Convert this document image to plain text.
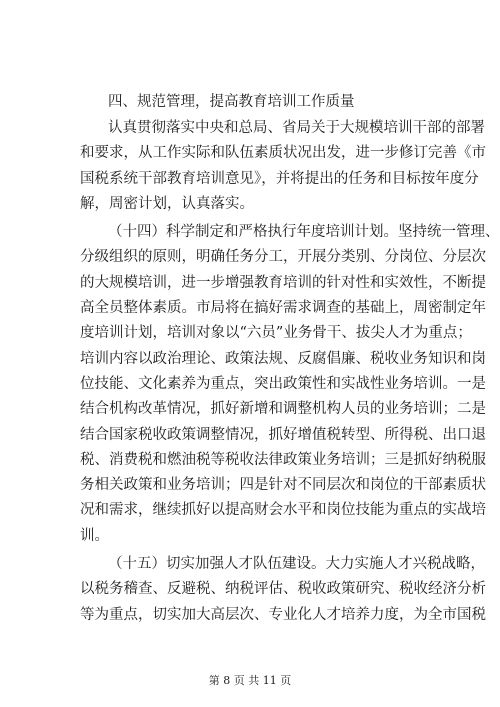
四、规范管理，提高教育培训工作质量
认真贯彻落实中央和总局、省局关于大规模培训干部的部署
和要求，从工作实际和队伍素质状况出发，进一步修订完善《市
国税系统干部教育培训意见》，并将提出的任务和目标按年度分
解，周密计划，认真落实。
（十四）科学制定和严格执行年度培训计划。坚持统一管理、
分级组织的原则，明确任务分工，开展分类别、分岗位、分层次
的大规模培训，进一步增强教育培训的针对性和实效性，不断提
高全员整体素质。市局将在搞好需求调查的基础上，周密制定年
度培训计划，培训对象以“六员”业务骨干、拔尖人才为重点；
培训内容以政治理论、政策法规、反腐倡廉、税收业务知识和岗
位技能、文化素养为重点，突出政策性和实战性业务培训。一是
结合机构改革情况，抓好新增和调整机构人员的业务培训；二是
结合国家税收政策调整情况，抓好增值税转型、所得税、出口退
税、消费税和燃油税等税收法律政策业务培训；三是抓好纳税服
务相关政策和业务培训；四是针对不同层次和岗位的干部素质状
况和需求，继续抓好以提高财会水平和岗位技能为重点的实战培
训。
（十五）切实加强人才队伍建设。大力实施人才兴税战略，
以税务稽查、反避税、纳税评估、税收政策研究、税收经济分析
等为重点，切实加大高层次、专业化人才培养力度，为全市国税
第 8 页 共 11 页
